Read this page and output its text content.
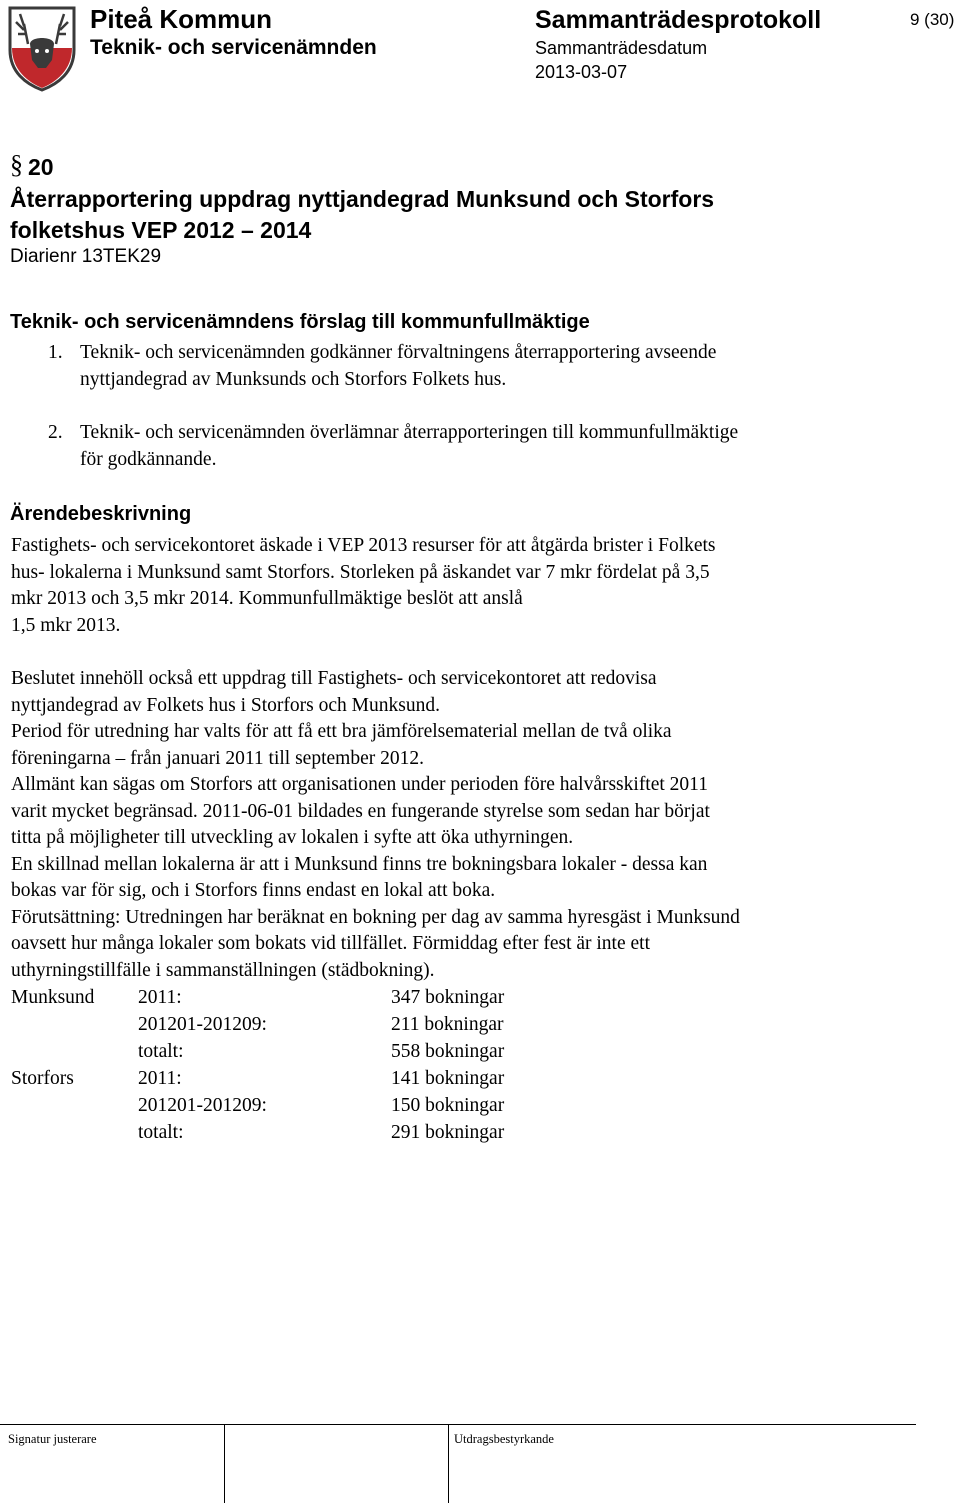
Piteå Kommun
Teknik- och servicenämnden
Sammanträdesprotokoll
Sammanträdesdatum
2013-03-07
9 (30)
§ 20
Återrapportering uppdrag nyttjandegrad Munksund och Storfors
folketshus VEP 2012 – 2014
Diarienr 13TEK29
Teknik- och servicenämndens förslag till kommunfullmäktige
1. Teknik- och servicenämnden godkänner förvaltningens återrapportering avseende
nyttjandegrad av Munksunds och Storfors Folkets hus.
2. Teknik- och servicenämnden överlämnar återrapporteringen till kommunfullmäktige
för godkännande.
Ärendebeskrivning
Fastighets- och servicekontoret äskade i VEP 2013 resurser för att åtgärda brister i Folkets
hus- lokalerna i Munksund samt Storfors. Storleken på äskandet var 7 mkr fördelat på 3,5
mkr 2013 och 3,5 mkr 2014. Kommunfullmäktige beslöt att anslå
1,5 mkr 2013.
Beslutet innehöll också ett uppdrag till Fastighets- och servicekontoret att redovisa
nyttjandegrad av Folkets hus i Storfors och Munksund.
Period för utredning har valts för att få ett bra jämförelsematerial mellan de två olika
föreningarna – från januari 2011 till september 2012.
Allmänt kan sägas om Storfors att organisationen under perioden före halvårsskiftet 2011
varit mycket begränsad. 2011-06-01 bildades en fungerande styrelse som sedan har börjat
titta på möjligheter till utveckling av lokalen i syfte att öka uthyrningen.
En skillnad mellan lokalerna är att i Munksund finns tre bokningsbara lokaler - dessa kan
bokas var för sig, och i Storfors finns endast en lokal att boka.
Förutsättning: Utredningen har beräknat en bokning per dag av samma hyresgäst i Munksund
oavsett hur många lokaler som bokats vid tillfället. Förmiddag efter fest är inte ett
uthyrningstillfälle i sammanställningen (städbokning).
Munksund 2011:	347 bokningar
201201-201209:	211 bokningar
totalt:	558 bokningar
Storfors	2011:	141 bokningar
201201-201209:	150 bokningar
totalt:	291 bokningar
Signatur justerare	Utdragsbestyrkande
